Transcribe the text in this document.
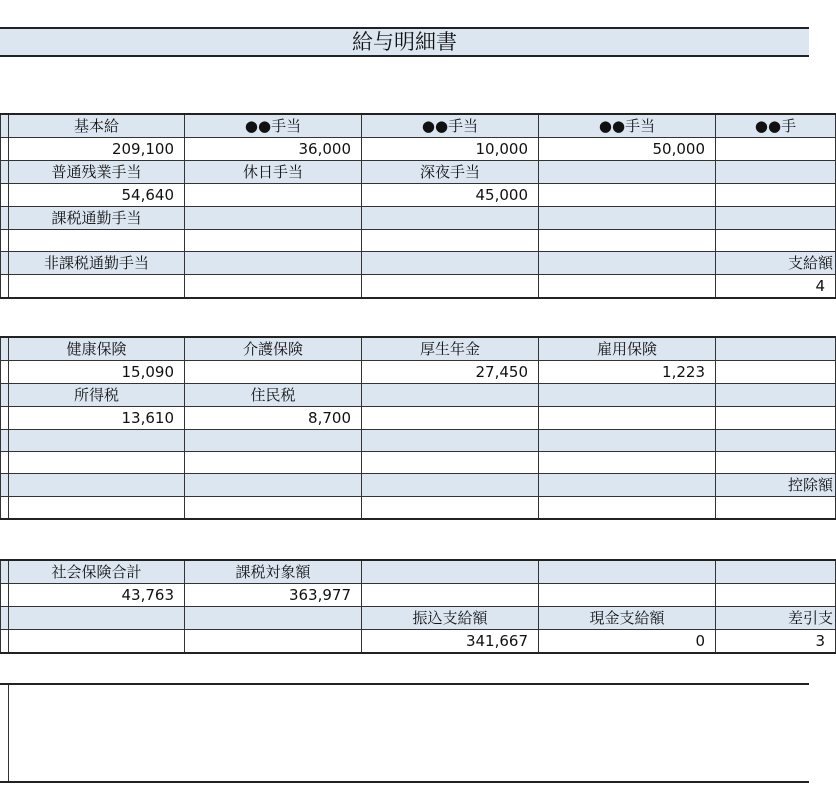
給与明細書
	基本給	●●手当	●●手当	●●手当	●●手
	209,100	36,000	10,000	50,000	
	普通残業手当	休日手当	深夜手当		
	54,640		45,000		
	課税通勤手当				

	非課税通勤手当				支給額
					4
	健康保険	介護保険	厚生年金	雇用保険	
	15,090		27,450	1,223	
	所得税	住民税			
	13,610	8,700			

					控除額

	社会保険合計	課税対象額			
	43,763	363,977			
			振込支給額	現金支給額	差引支
			341,667	0	3
